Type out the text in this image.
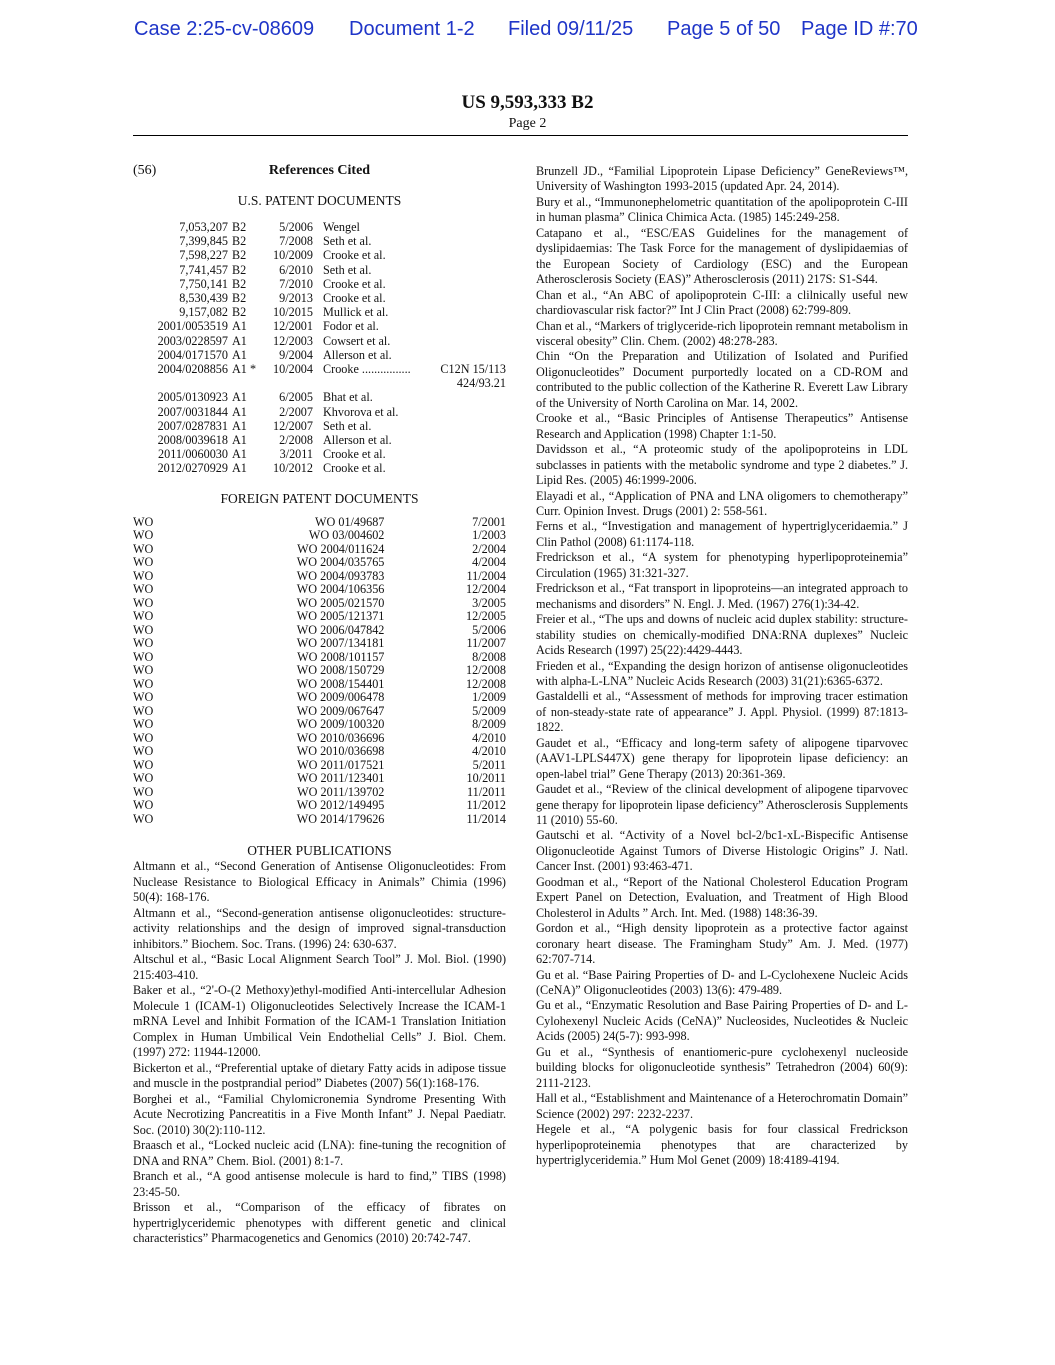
Case 2:25-cv-08609 Document 1-2 Filed 09/11/25 Page 5 of 50 Page ID #:70
US 9,593,333 B2
Page 2
(56)	References Cited
U.S. PATENT DOCUMENTS
7,053,207	B2	5/2006	Wengel	
7,399,845	B2	7/2008	Seth et al.	
7,598,227	B2	10/2009	Crooke et al.	
7,741,457	B2	6/2010	Seth et al.	
7,750,141	B2	7/2010	Crooke et al.	
8,530,439	B2	9/2013	Crooke et al.	
9,157,082	B2	10/2015	Mullick et al.	
2001/0053519	A1	12/2001	Fodor et al.	
2003/0228597	A1	12/2003	Cowsert et al.	
2004/0171570	A1	9/2004	Allerson et al.	
2004/0208856	A1 *	10/2004	Crooke ................	C12N 15/113
				424/93.21
2005/0130923	A1	6/2005	Bhat et al.	
2007/0031844	A1	2/2007	Khvorova et al.	
2007/0287831	A1	12/2007	Seth et al.	
2008/0039618	A1	2/2008	Allerson et al.	
2011/0060030	A1	3/2011	Crooke et al.	
2012/0270929	A1	10/2012	Crooke et al.	
FOREIGN PATENT DOCUMENTS
WO	WO 01/49687	7/2001
WO	WO 03/004602	1/2003
WO	WO 2004/011624	2/2004
WO	WO 2004/035765	4/2004
WO	WO 2004/093783	11/2004
WO	WO 2004/106356	12/2004
WO	WO 2005/021570	3/2005
WO	WO 2005/121371	12/2005
WO	WO 2006/047842	5/2006
WO	WO 2007/134181	11/2007
WO	WO 2008/101157	8/2008
WO	WO 2008/150729	12/2008
WO	WO 2008/154401	12/2008
WO	WO 2009/006478	1/2009
WO	WO 2009/067647	5/2009
WO	WO 2009/100320	8/2009
WO	WO 2010/036696	4/2010
WO	WO 2010/036698	4/2010
WO	WO 2011/017521	5/2011
WO	WO 2011/123401	10/2011
WO	WO 2011/139702	11/2011
WO	WO 2012/149495	11/2012
WO	WO 2014/179626	11/2014
OTHER PUBLICATIONS

Altmann et al., “Second Generation of Antisense Oligonucleotides: From Nuclease Resistance to Biological Efficacy in Animals” Chimia (1996) 50(4): 168-176.

Altmann et al., “Second-generation antisense oligonucleotides: structure-activity relationships and the design of improved signal-transduction inhibitors.” Biochem. Soc. Trans. (1996) 24: 630-637.

Altschul et al., “Basic Local Alignment Search Tool” J. Mol. Biol. (1990) 215:403-410.

Baker et al., “2'-O-(2 Methoxy)ethyl-modified Anti-intercellular Adhesion Molecule 1 (ICAM-1) Oligonucleotides Selectively Increase the ICAM-1 mRNA Level and Inhibit Formation of the ICAM-1 Translation Initiation Complex in Human Umbilical Vein Endothelial Cells” J. Biol. Chem. (1997) 272: 11944-12000.

Bickerton et al., “Preferential uptake of dietary Fatty acids in adipose tissue and muscle in the postprandial period” Diabetes (2007) 56(1):168-176.

Borghei et al., “Familial Chylomicronemia Syndrome Presenting With Acute Necrotizing Pancreatitis in a Five Month Infant” J. Nepal Paediatr. Soc. (2010) 30(2):110-112.

Braasch et al., “Locked nucleic acid (LNA): fine-tuning the recognition of DNA and RNA” Chem. Biol. (2001) 8:1-7.

Branch et al., “A good antisense molecule is hard to find,” TIBS (1998) 23:45-50.

Brisson et al., “Comparison of the efficacy of fibrates on hypertriglyceridemic phenotypes with different genetic and clinical characteristics” Pharmacogenetics and Genomics (2010) 20:742-747.

Brunzell JD., “Familial Lipoprotein Lipase Deficiency” GeneReviews™, University of Washington 1993-2015 (updated Apr. 24, 2014).

Bury et al., “Immunonephelometric quantitation of the apolipoprotein C-III in human plasma” Clinica Chimica Acta. (1985) 145:249-258.

Catapano et al., “ESC/EAS Guidelines for the management of dyslipidaemias: The Task Force for the management of dyslipidaemias of the European Society of Cardiology (ESC) and the European Atherosclerosis Society (EAS)” Atherosclerosis (2011) 217S: S1-S44.

Chan et al., “An ABC of apolipoprotein C-III: a clilnically useful new chardiovascular risk factor?” Int J Clin Pract (2008) 62:799-809.

Chan et al., “Markers of triglyceride-rich lipoprotein remnant metabolism in visceral obesity” Clin. Chem. (2002) 48:278-283.

Chin “On the Preparation and Utilization of Isolated and Purified Oligonucleotides” Document purportedly located on a CD-ROM and contributed to the public collection of the Katherine R. Everett Law Library of the University of North Carolina on Mar. 14, 2002.

Crooke et al., “Basic Principles of Antisense Therapeutics” Antisense Research and Application (1998) Chapter 1:1-50.

Davidsson et al., “A proteomic study of the apolipoproteins in LDL subclasses in patients with the metabolic syndrome and type 2 diabetes.” J. Lipid Res. (2005) 46:1999-2006.

Elayadi et al., “Application of PNA and LNA oligomers to chemotherapy” Curr. Opinion Invest. Drugs (2001) 2: 558-561.

Ferns et al., “Investigation and management of hypertriglyceridaemia.” J Clin Pathol (2008) 61:1174-118.

Fredrickson et al., “A system for phenotyping hyperlipoproteinemia” Circulation (1965) 31:321-327.

Fredrickson et al., “Fat transport in lipoproteins—an integrated approach to mechanisms and disorders” N. Engl. J. Med. (1967) 276(1):34-42.

Freier et al., “The ups and downs of nucleic acid duplex stability: structure-stability studies on chemically-modified DNA:RNA duplexes” Nucleic Acids Research (1997) 25(22):4429-4443.

Frieden et al., “Expanding the design horizon of antisense oligonucleotides with alpha-L-LNA” Nucleic Acids Research (2003) 31(21):6365-6372.

Gastaldelli et al., “Assessment of methods for improving tracer estimation of non-steady-state rate of appearance” J. Appl. Physiol. (1999) 87:1813-1822.

Gaudet et al., “Efficacy and long-term safety of alipogene tiparvovec (AAV1-LPLS447X) gene therapy for lipoprotein lipase deficiency: an open-label trial” Gene Therapy (2013) 20:361-369.

Gaudet et al., “Review of the clinical development of alipogene tiparvovec gene therapy for lipoprotein lipase deficiency” Atherosclerosis Supplements 11 (2010) 55-60.

Gautschi et al. “Activity of a Novel bcl-2/bc1-xL-Bispecific Antisense Oligonucleotide Against Tumors of Diverse Histologic Origins” J. Natl. Cancer Inst. (2001) 93:463-471.

Goodman et al., “Report of the National Cholesterol Education Program Expert Panel on Detection, Evaluation, and Treatment of High Blood Cholesterol in Adults ” Arch. Int. Med. (1988) 148:36-39.

Gordon et al., “High density lipoprotein as a protective factor against coronary heart disease. The Framingham Study” Am. J. Med. (1977) 62:707-714.

Gu et al. “Base Pairing Properties of D- and L-Cyclohexene Nucleic Acids (CeNA)” Oligonucleotides (2003) 13(6): 479-489.

Gu et al., “Enzymatic Resolution and Base Pairing Properties of D- and L-Cylohexenyl Nucleic Acids (CeNA)” Nucleosides, Nucleotides & Nucleic Acids (2005) 24(5-7): 993-998.

Gu et al., “Synthesis of enantiomeric-pure cyclohexenyl nucleoside building blocks for oligonucleotide synthesis” Tetrahedron (2004) 60(9): 2111-2123.

Hall et al., “Establishment and Maintenance of a Heterochromatin Domain” Science (2002) 297: 2232-2237.

Hegele et al., “A polygenic basis for four classical Fredrickson hyperlipoproteinemia phenotypes that are characterized by hypertriglyceridemia.” Hum Mol Genet (2009) 18:4189-4194.
